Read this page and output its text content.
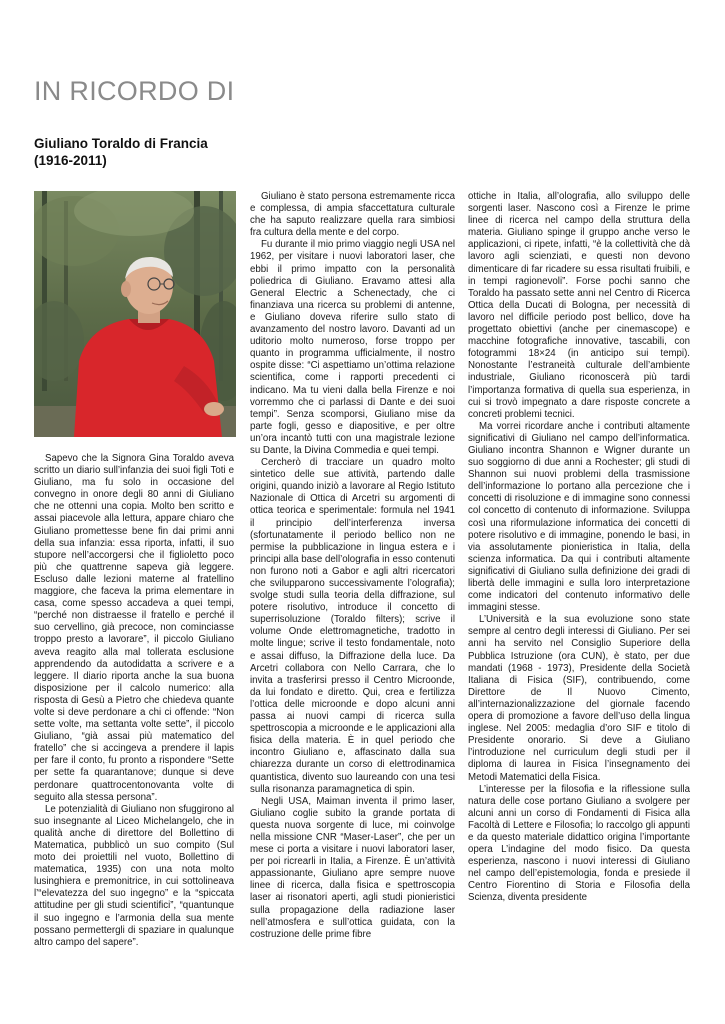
IN RICORDO DI
Giuliano Toraldo di Francia
(1916-2011)

Sapevo che la Signora Gina Toraldo aveva scritto un diario sull’infanzia dei suoi figli Toti e Giuliano, ma fu solo in occasione del convegno in onore degli 80 anni di Giuliano che ne ottenni una copia. Molto ben scritto e assai piacevole alla lettura, appare chiaro che Giuliano promettesse bene fin dai primi anni della sua infanzia: essa riporta, infatti, il suo stupore nell’accorgersi che il figlioletto poco più che quattrenne sapeva già leggere. Escluso dalle lezioni materne al fratellino maggiore, che faceva la prima elementare in casa, come spesso accadeva a quei tempi, “perché non distraesse il fratello e perché il suo cervellino, già precoce, non cominciasse troppo presto a lavorare”, il piccolo Giuliano aveva reagito alla mal tollerata esclusione apprendendo da autodidatta a scrivere e a leggere. Il diario riporta anche la sua buona disposizione per il calcolo numerico: alla risposta di Gesù a Pietro che chiedeva quante volte si deve perdonare a chi ci offende: “Non sette volte, ma settanta volte sette”, il piccolo Giuliano, “già assai più matematico del fratello” che si accingeva a prendere il lapis per fare il conto, fu pronto a rispondere “Sette per sette fa quarantanove; dunque si deve perdonare quattrocentonovanta volte di seguito alla stessa persona”.

Le potenzialità di Giuliano non sfuggirono al suo insegnante al Liceo Michelangelo, che in qualità anche di direttore del Bollettino di Matematica, pubblicò un suo compito (Sul moto dei proiettili nel vuoto, Bollettino di matematica, 1935) con una nota molto lusinghiera e premonitrice, in cui sottolineava l’“elevatezza del suo ingegno” e la “spiccata attitudine per gli studi scientifici”, “quantunque il suo ingegno e l’armonia della sua mente possano permettergli di spaziare in qualunque altro campo del sapere”.

Giuliano è stato persona estremamente ricca e complessa, di ampia sfaccettatura culturale che ha saputo realizzare quella rara simbiosi fra cultura della mente e del corpo.

Fu durante il mio primo viaggio negli USA nel 1962, per visitare i nuovi laboratori laser, che ebbi il primo impatto con la personalità poliedrica di Giuliano. Eravamo attesi alla General Electric a Schenectady, che ci finanziava una ricerca su problemi di antenne, e Giuliano doveva riferire sullo stato di avanzamento del nostro lavoro. Davanti ad un uditorio molto numeroso, forse troppo per quanto in programma ufficialmente, il nostro ospite disse: “Ci aspettiamo un’ottima relazione scientifica, come i rapporti precedenti ci indicano. Ma tu vieni dalla bella Firenze e noi vorremmo che ci parlassi di Dante e dei suoi tempi”. Senza scomporsi, Giuliano mise da parte fogli, gesso e diapositive, e per oltre un’ora incantò tutti con una magistrale lezione su Dante, la Divina Commedia e quei tempi.

Cercherò di tracciare un quadro molto sintetico delle sue attività, partendo dalle origini, quando iniziò a lavorare al Regio Istituto Nazionale di Ottica di Arcetri su argomenti di ottica teorica e sperimentale: formula nel 1941 il principio dell’interferenza inversa (sfortunatamente il periodo bellico non ne permise la pubblicazione in lingua estera e i principi alla base dell’olografia in esso contenuti non furono noti a Gabor e agli altri ricercatori che svilupparono successivamente l’olografia); svolge studi sulla teoria della diffrazione, sul potere risolutivo, introduce il concetto di superrisoluzione (Toraldo filters); scrive il volume Onde elettromagnetiche, tradotto in molte lingue; scrive il testo fondamentale, noto e assai diffuso, la Diffrazione della luce. Da Arcetri collabora con Nello Carrara, che lo invita a trasferirsi presso il Centro Microonde, da lui fondato e diretto. Qui, crea e fertilizza l’ottica delle microonde e dopo alcuni anni passa ai nuovi campi di ricerca sulla spettroscopia a microonde e le applicazioni alla fisica della materia. È in quel periodo che incontro Giuliano e, affascinato dalla sua chiarezza durante un corso di elettrodinamica quantistica, divento suo laureando con una tesi sulla risonanza paramagnetica di spin.

Negli USA, Maiman inventa il primo laser, Giuliano coglie subito la grande portata di questa nuova sorgente di luce, mi coinvolge nella missione CNR “Maser-Laser”, che per un mese ci porta a visitare i nuovi laboratori laser, per poi ricrearli in Italia, a Firenze. È un’attività appassionante, Giuliano apre sempre nuove linee di ricerca, dalla fisica e spettroscopia laser ai risonatori aperti, agli studi pionieristici sulla propagazione della radiazione laser nell’atmosfera e sull’ottica guidata, con la costruzione delle prime fibre

ottiche in Italia, all’olografia, allo sviluppo delle sorgenti laser. Nascono così a Firenze le prime linee di ricerca nel campo della struttura della materia. Giuliano spinge il gruppo anche verso le applicazioni, ci ripete, infatti, “è la collettività che dà lavoro agli scienziati, e questi non devono dimenticare di far ricadere su essa risultati fruibili, e in tempi ragionevoli”. Forse pochi sanno che Toraldo ha passato sette anni nel Centro di Ricerca Ottica della Ducati di Bologna, per necessità di lavoro nel difficile periodo post bellico, dove ha progettato obiettivi (anche per cinemascope) e macchine fotografiche innovative, tascabili, con fotogrammi 18×24 (in anticipo sui tempi). Nonostante l’estraneità culturale dell’ambiente industriale, Giuliano riconoscerà più tardi l’importanza formativa di quella sua esperienza, in cui si trovò impegnato a dare risposte concrete a concreti problemi tecnici.

Ma vorrei ricordare anche i contributi altamente significativi di Giuliano nel campo dell’informatica. Giuliano incontra Shannon e Wigner durante un suo soggiorno di due anni a Rochester; gli studi di Shannon sui nuovi problemi della trasmissione dell’informazione lo portano alla percezione che i concetti di risoluzione e di immagine sono connessi col concetto di contenuto di informazione. Sviluppa così una riformulazione informatica dei concetti di potere risolutivo e di immagine, ponendo le basi, in via assolutamente pionieristica in Italia, della scienza informatica. Da qui i contributi altamente significativi di Giuliano sulla definizione dei gradi di libertà delle immagini e sulla loro interpretazione come indicatori del contenuto informativo delle immagini stesse.

L’Università e la sua evoluzione sono state sempre al centro degli interessi di Giuliano. Per sei anni ha servito nel Consiglio Superiore della Pubblica Istruzione (ora CUN), è stato, per due mandati (1968 - 1973), Presidente della Società Italiana di Fisica (SIF), contribuendo, come Direttore de Il Nuovo Cimento, all’internazionalizzazione del giornale facendo opera di promozione a favore dell’uso della lingua inglese. Nel 2005: medaglia d’oro SIF e titolo di Presidente onorario. Si deve a Giuliano l’introduzione nel curriculum degli studi per il diploma di laurea in Fisica l’insegnamento dei Metodi Matematici della Fisica.

L’interesse per la filosofia e la riflessione sulla natura delle cose portano Giuliano a svolgere per alcuni anni un corso di Fondamenti di Fisica alla Facoltà di Lettere e Filosofia; lo raccolgo gli appunti e da questo materiale didattico origina l’importante opera L’indagine del modo fisico. Da questa esperienza, nascono i nuovi interessi di Giuliano nel campo dell’epistemologia, fonda e presiede il Centro Fiorentino di Storia e Filosofia della Scienza, diventa presidente
